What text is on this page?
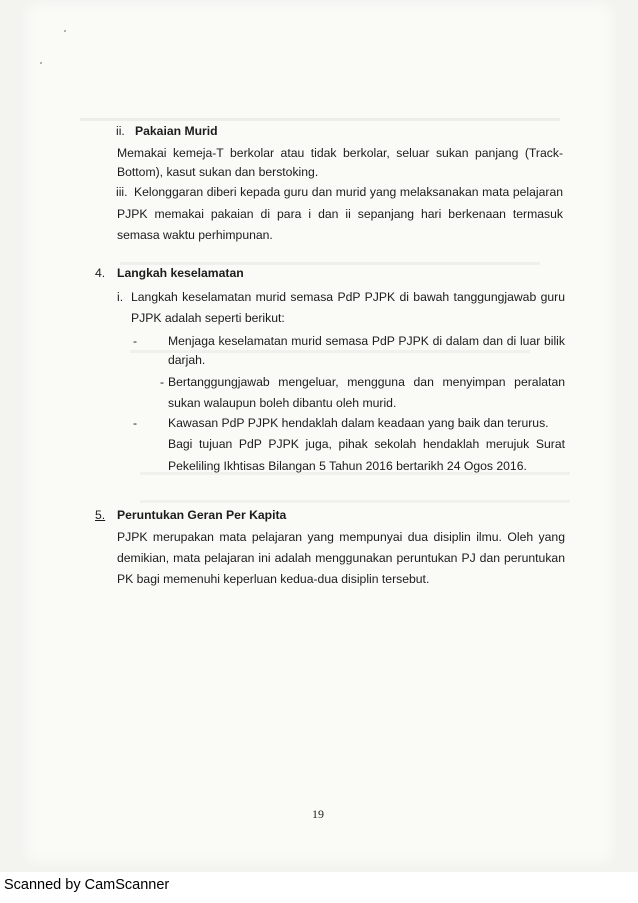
ii. Pakaian Murid
Memakai kemeja-T berkolar atau tidak berkolar, seluar sukan panjang (Track-
Bottom), kasut sukan dan berstoking.
iii. Kelonggaran diberi kepada guru dan murid yang melaksanakan mata pelajaran
PJPK memakai pakaian di para i dan ii sepanjang hari berkenaan termasuk
semasa waktu perhimpunan.
4. Langkah keselamatan
i. Langkah keselamatan murid semasa PdP PJPK di bawah tanggungjawab guru
PJPK adalah seperti berikut:
-	Menjaga keselamatan murid semasa PdP PJPK di dalam dan di luar bilik
darjah.
- Bertanggungjawab mengeluar, mengguna dan menyimpan peralatan
sukan walaupun boleh dibantu oleh murid.
-	Kawasan PdP PJPK hendaklah dalam keadaan yang baik dan terurus.
Bagi tujuan PdP PJPK juga, pihak sekolah hendaklah merujuk Surat
Pekeliling Ikhtisas Bilangan 5 Tahun 2016 bertarikh 24 Ogos 2016.
5. Peruntukan Geran Per Kapita
PJPK merupakan mata pelajaran yang mempunyai dua disiplin ilmu. Oleh yang
demikian, mata pelajaran ini adalah menggunakan peruntukan PJ dan peruntukan
PK bagi memenuhi keperluan kedua-dua disiplin tersebut.
19
Scanned by CamScanner
